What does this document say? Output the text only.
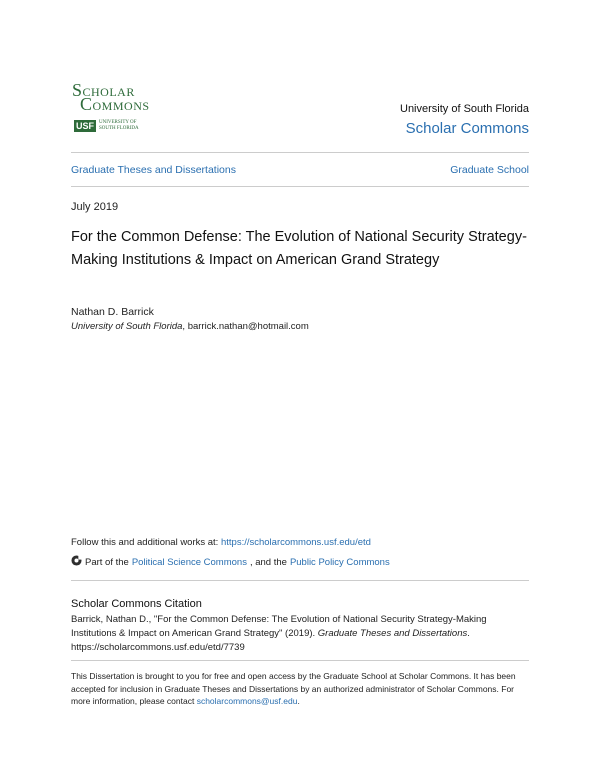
SCHOLAR
COMMONS
USF	UNIVERSITY OF
SOUTH FLORIDA
University of South Florida
Scholar Commons
Graduate Theses and Dissertations	Graduate School
July 2019
For the Common Defense: The Evolution of National Security Strategy-Making Institutions & Impact on American Grand Strategy
Nathan D. Barrick
University of South Florida, barrick.nathan@hotmail.com
Follow this and additional works at: https://scholarcommons.usf.edu/etd
Part of the Political Science Commons , and the Public Policy Commons
Scholar Commons Citation
Barrick, Nathan D., "For the Common Defense: The Evolution of National Security Strategy-Making Institutions & Impact on American Grand Strategy" (2019). Graduate Theses and Dissertations.
https://scholarcommons.usf.edu/etd/7739
This Dissertation is brought to you for free and open access by the Graduate School at Scholar Commons. It has been accepted for inclusion in Graduate Theses and Dissertations by an authorized administrator of Scholar Commons. For more information, please contact scholarcommons@usf.edu.
